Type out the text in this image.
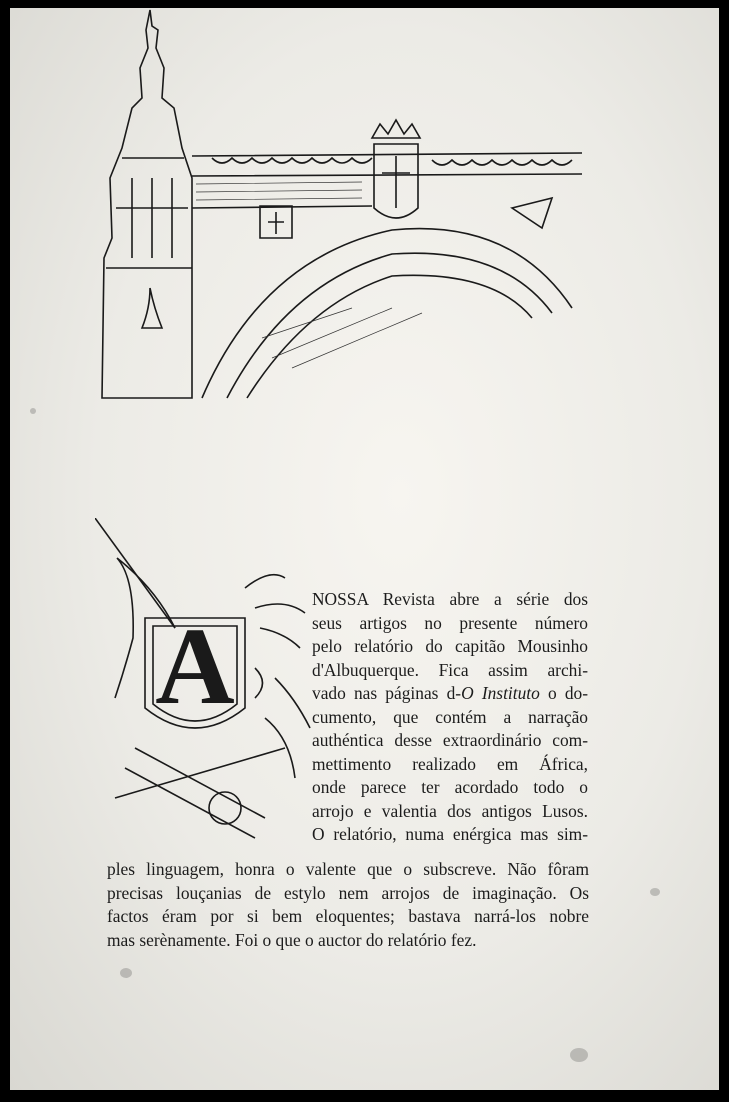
A
NOSSA Revista abre a série dos
seus artigos no presente número
pelo relatório do capitão Mousinho
d'Albuquerque. Fica assim archi-
vado nas páginas d-O Instituto o do-
cumento, que contém a narração
authéntica desse extraordinário com-
mettimento realizado em África,
onde parece ter acordado todo o
arrojo e valentia dos antigos Lusos.
O relatório, numa enérgica mas sim-
ples linguagem, honra o valente que o subscreve. Não fôram
precisas louçanias de estylo nem arrojos de imaginação. Os
factos éram por si bem eloquentes; bastava narrá-los nobre
mas serènamente. Foi o que o auctor do relatório fez.
